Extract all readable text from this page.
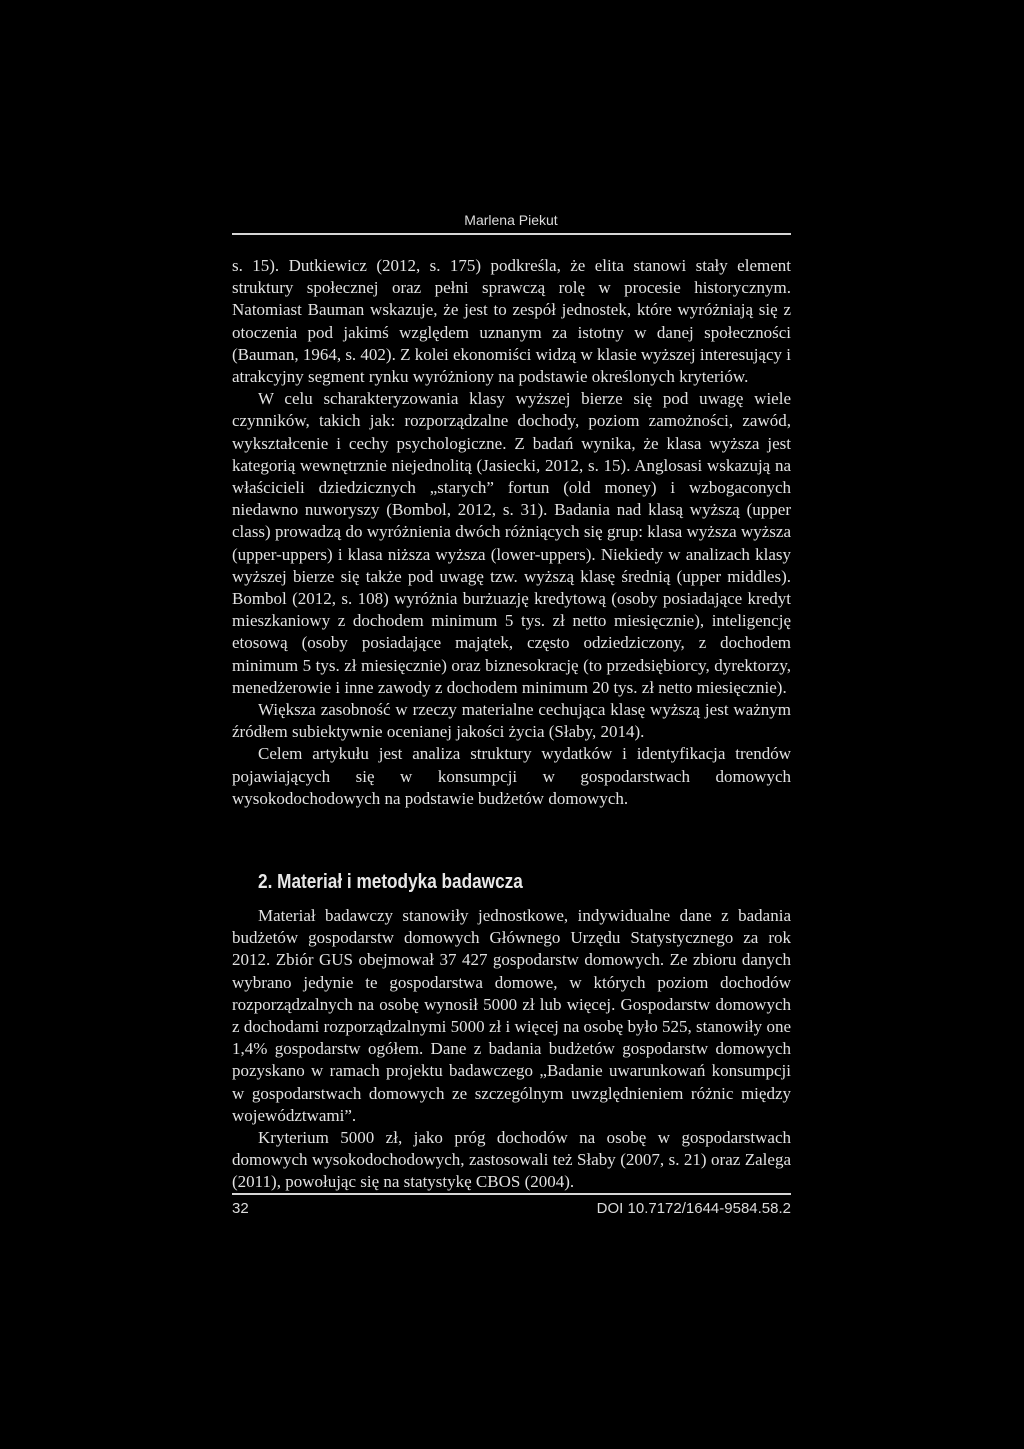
Marlena Piekut

s. 15). Dutkiewicz (2012, s. 175) podkreśla, że elita stanowi stały element struktury społecznej oraz pełni sprawczą rolę w procesie historycznym. Natomiast Bauman wskazuje, że jest to zespół jednostek, które wyróżniają się z otoczenia pod jakimś względem uznanym za istotny w danej społeczności (Bauman, 1964, s. 402). Z kolei ekonomiści widzą w klasie wyższej interesujący i atrakcyjny segment rynku wyróżniony na podstawie określonych kryteriów.

W celu scharakteryzowania klasy wyższej bierze się pod uwagę wiele czynników, takich jak: rozporządzalne dochody, poziom zamożności, zawód, wykształcenie i cechy psychologiczne. Z badań wynika, że klasa wyższa jest kategorią wewnętrznie niejednolitą (Jasiecki, 2012, s. 15). Anglosasi wskazują na właścicieli dziedzicznych „starych” fortun (old money) i wzbogaconych niedawno nuworyszy (Bombol, 2012, s. 31). Badania nad klasą wyższą (upper class) prowadzą do wyróżnienia dwóch różniących się grup: klasa wyższa wyższa (upper-uppers) i klasa niższa wyższa (lower-uppers). Niekiedy w analizach klasy wyższej bierze się także pod uwagę tzw. wyższą klasę średnią (upper middles). Bombol (2012, s. 108) wyróżnia burżuazję kredytową (osoby posiadające kredyt mieszkaniowy z dochodem minimum 5 tys. zł netto miesięcznie), inteligencję etosową (osoby posiadające majątek, często odziedziczony, z dochodem minimum 5 tys. zł miesięcznie) oraz biznesokrację (to przedsiębiorcy, dyrektorzy, menedżerowie i inne zawody z dochodem minimum 20 tys. zł netto miesięcznie).

Większa zasobność w rzeczy materialne cechująca klasę wyższą jest ważnym źródłem subiektywnie ocenianej jakości życia (Słaby, 2014).

Celem artykułu jest analiza struktury wydatków i identyfikacja trendów pojawiających się w konsumpcji w gospodarstwach domowych wysokodochodowych na podstawie budżetów domowych.

2. Materiał i metodyka badawcza

Materiał badawczy stanowiły jednostkowe, indywidualne dane z badania budżetów gospodarstw domowych Głównego Urzędu Statystycznego za rok 2012. Zbiór GUS obejmował 37 427 gospodarstw domowych. Ze zbioru danych wybrano jedynie te gospodarstwa domowe, w których poziom dochodów rozporządzalnych na osobę wynosił 5000 zł lub więcej. Gospodarstw domowych z dochodami rozporządzalnymi 5000 zł i więcej na osobę było 525, stanowiły one 1,4% gospodarstw ogółem. Dane z badania budżetów gospodarstw domowych pozyskano w ramach projektu badawczego „Badanie uwarunkowań konsumpcji w gospodarstwach domowych ze szczególnym uwzględnieniem różnic między województwami”.

Kryterium 5000 zł, jako próg dochodów na osobę w gospodarstwach domowych wysokodochodowych, zastosowali też Słaby (2007, s. 21) oraz Zalega (2011), powołując się na statystykę CBOS (2004).

32	DOI 10.7172/1644-9584.58.2
